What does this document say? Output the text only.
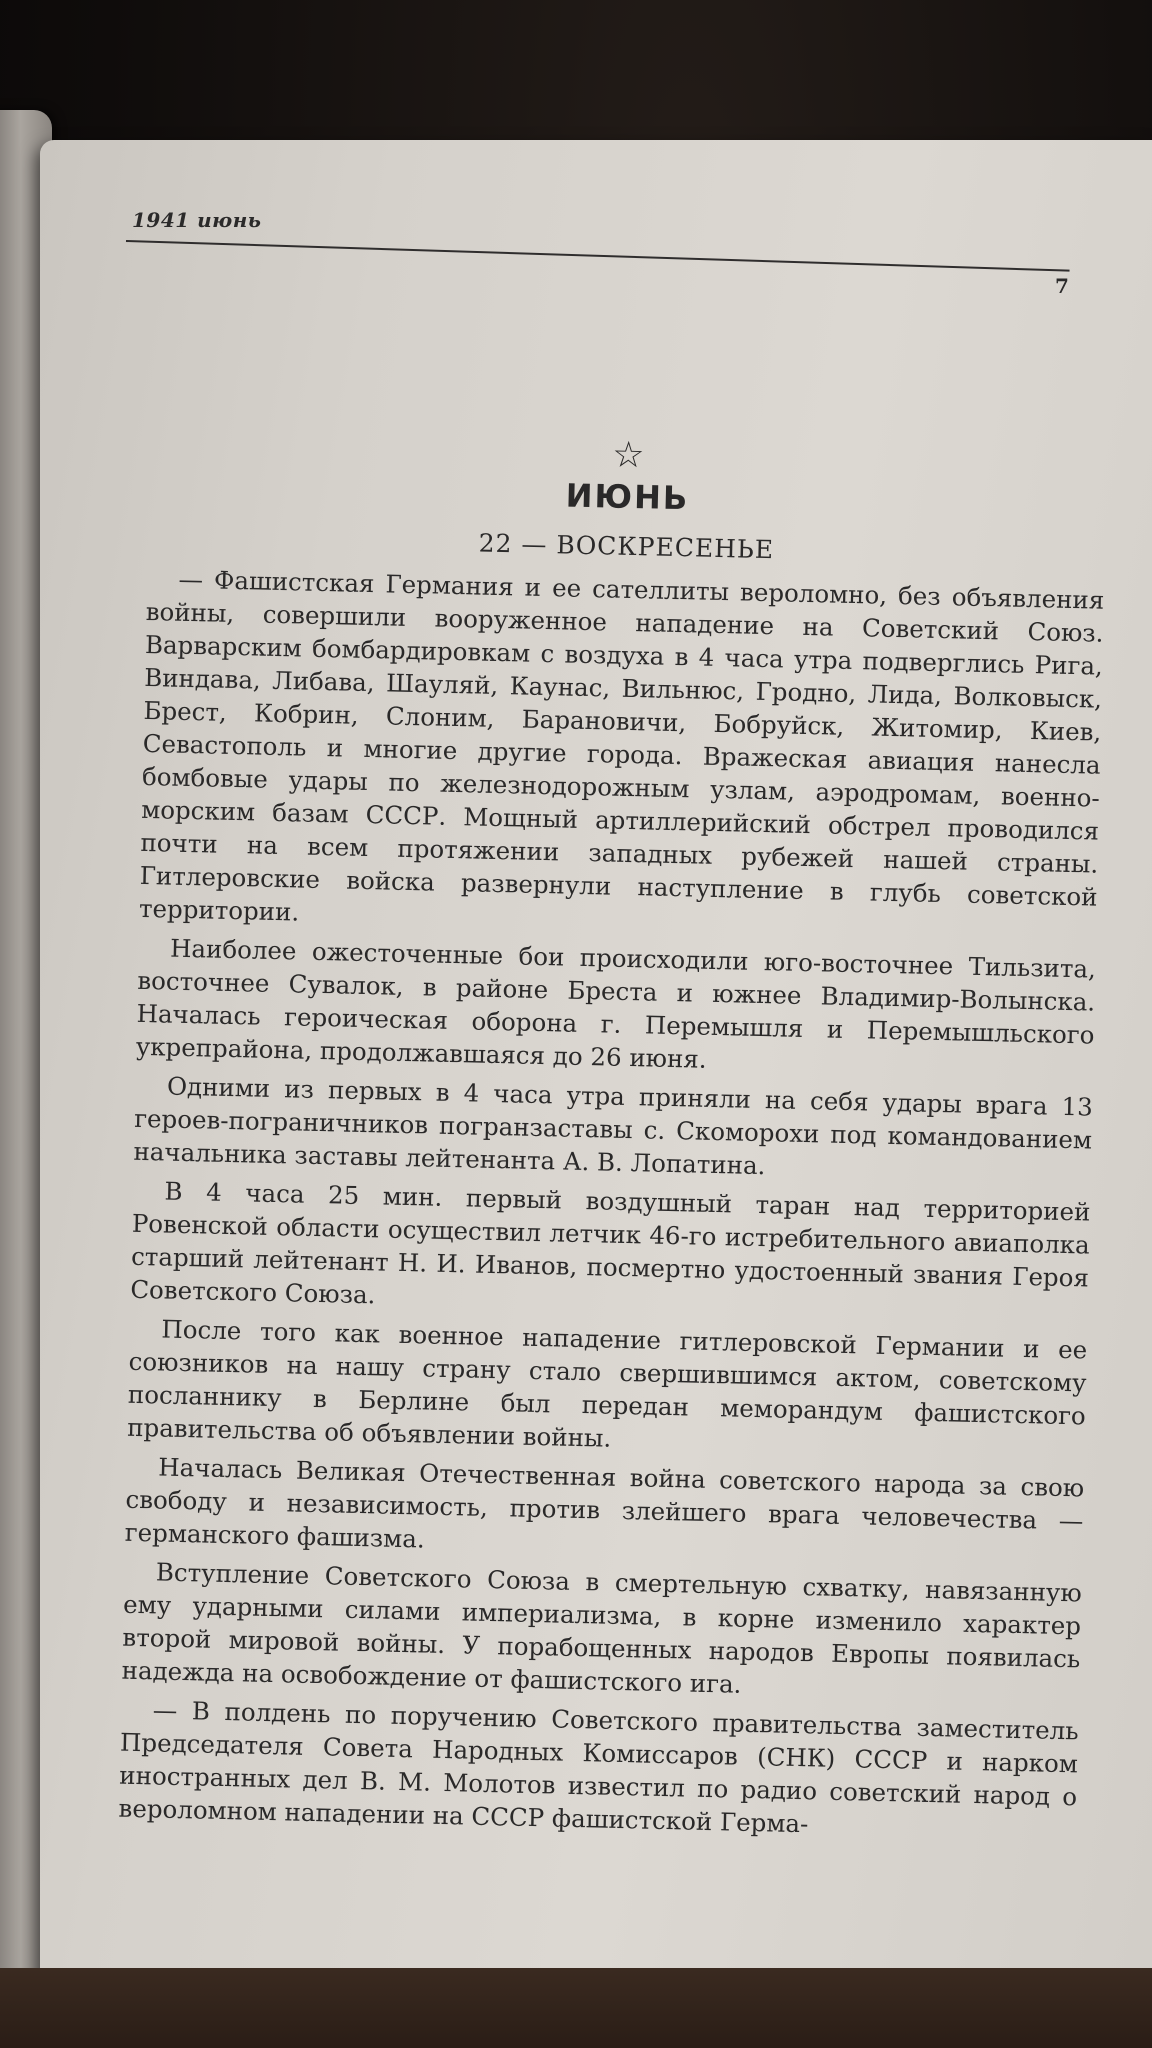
1941 июнь
7
☆
ИЮНЬ
22 — ВОСКРЕСЕНЬЕ

— Фашистская Германия и ее сателлиты вероломно, без объявления войны, совершили вооруженное нападение на Советский Союз. Варварским бомбардировкам с воздуха в 4 часа утра подверглись Рига, Виндава, Либава, Шауляй, Каунас, Вильнюс, Гродно, Лида, Волковыск, Брест, Кобрин, Слоним, Барановичи, Бобруйск, Житомир, Киев, Севастополь и многие другие города. Вражеская авиация нанесла бомбовые удары по железнодорожным узлам, аэродромам, военно-морским базам СССР. Мощный артиллерийский обстрел проводился почти на всем протяжении западных рубежей нашей страны. Гитлеровские войска развернули наступление в глубь советской территории.

Наиболее ожесточенные бои происходили юго-восточнее Тильзита, восточнее Сувалок, в районе Бреста и южнее Владимир-Волынска. Началась героическая оборона г. Перемышля и Перемышльского укрепрайона, продолжавшаяся до 26 июня.

Одними из первых в 4 часа утра приняли на себя удары врага 13 героев-пограничников погранзаставы с. Скоморохи под командованием начальника заставы лейтенанта А. В. Лопатина.

В 4 часа 25 мин. первый воздушный таран над территорией Ровенской области осуществил летчик 46-го истребительного авиаполка старший лейтенант Н. И. Иванов, посмертно удостоенный звания Героя Советского Союза.

После того как военное нападение гитлеровской Германии и ее союзников на нашу страну стало свершившимся актом, советскому посланнику в Берлине был передан меморандум фашистского правительства об объявлении войны.

Началась Великая Отечественная война советского народа за свою свободу и независимость, против злейшего врага человечества — германского фашизма.

Вступление Советского Союза в смертельную схватку, навязанную ему ударными силами империализма, в корне изменило характер второй мировой войны. У порабощенных народов Европы появилась надежда на освобождение от фашистского ига.

— В полдень по поручению Советского правительства заместитель Председателя Совета Народных Комиссаров (СНК) СССР и нарком иностранных дел В. М. Молотов известил по радио советский народ о вероломном нападении на СССР фашистской Герма-
